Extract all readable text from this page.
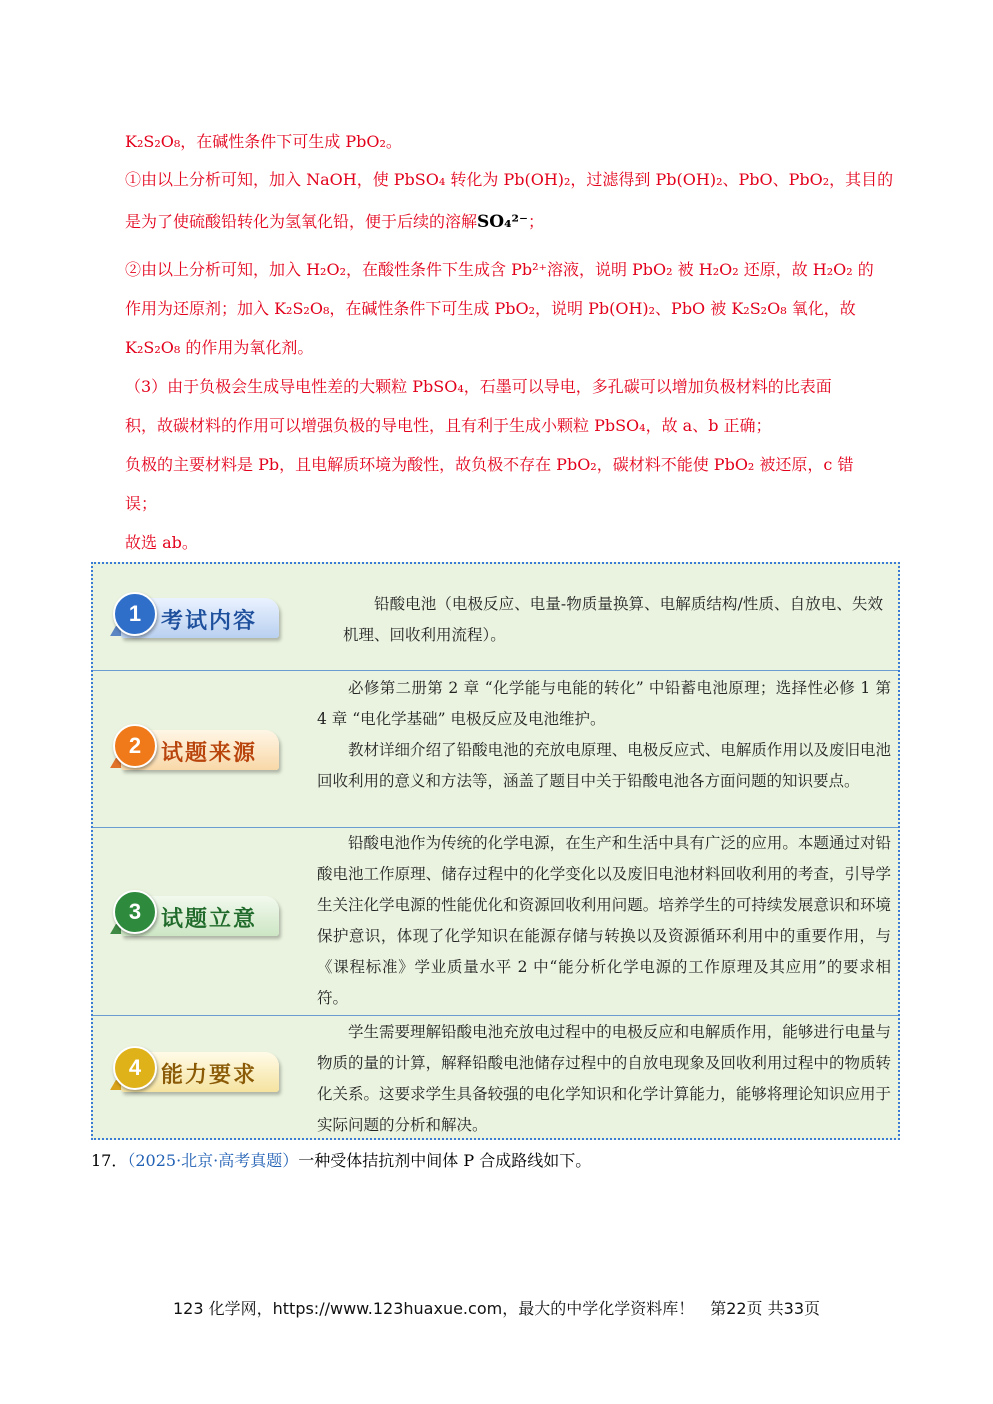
K₂S₂O₈，在碱性条件下可生成 PbO₂。
①由以上分析可知，加入 NaOH，使 PbSO₄ 转化为 Pb(OH)₂，过滤得到 Pb(OH)₂、PbO、PbO₂，其目的
是为了使硫酸铅转化为氢氧化铅，便于后续的溶解SO₄²⁻；
②由以上分析可知，加入 H₂O₂，在酸性条件下生成含 Pb²⁺溶液，说明 PbO₂ 被 H₂O₂ 还原，故 H₂O₂ 的
作用为还原剂；加入 K₂S₂O₈，在碱性条件下可生成 PbO₂，说明 Pb(OH)₂、PbO 被 K₂S₂O₈ 氧化，故
K₂S₂O₈ 的作用为氧化剂。
（3）由于负极会生成导电性差的大颗粒 PbSO₄，石墨可以导电，多孔碳可以增加负极材料的比表面
积，故碳材料的作用可以增强负极的导电性，且有利于生成小颗粒 PbSO₄，故 a、b 正确；
负极的主要材料是 Pb，且电解质环境为酸性，故负极不存在 PbO₂，碳材料不能使 PbO₂ 被还原，c 错
误；
故选 ab。
1 考试内容

铅酸电池（电极反应、电量-物质量换算、电解质结构/性质、自放电、失效机理、回收利用流程）。

2 试题来源

必修第二册第 2 章 “化学能与电能的转化” 中铅蓄电池原理；选择性必修 1 第 4 章 “电化学基础” 电极反应及电池维护。

教材详细介绍了铅酸电池的充放电原理、电极反应式、电解质作用以及废旧电池回收利用的意义和方法等，涵盖了题目中关于铅酸电池各方面问题的知识要点。

3 试题立意

铅酸电池作为传统的化学电源，在生产和生活中具有广泛的应用。本题通过对铅酸电池工作原理、储存过程中的化学变化以及废旧电池材料回收利用的考查，引导学生关注化学电源的性能优化和资源回收利用问题。培养学生的可持续发展意识和环境保护意识，体现了化学知识在能源存储与转换以及资源循环利用中的重要作用，与《课程标准》学业质量水平 2 中“能分析化学电源的工作原理及其应用”的要求相符。

4 能力要求

学生需要理解铅酸电池充放电过程中的电极反应和电解质作用，能够进行电量与物质的量的计算，解释铅酸电池储存过程中的自放电现象及回收利用过程中的物质转化关系。这要求学生具备较强的电化学知识和化学计算能力，能够将理论知识应用于实际问题的分析和解决。

17．（2025·北京·高考真题）一种受体拮抗剂中间体 P 合成路线如下。
123 化学网，https://www.123huaxue.com，最大的中学化学资料库！　第22页 共33页
